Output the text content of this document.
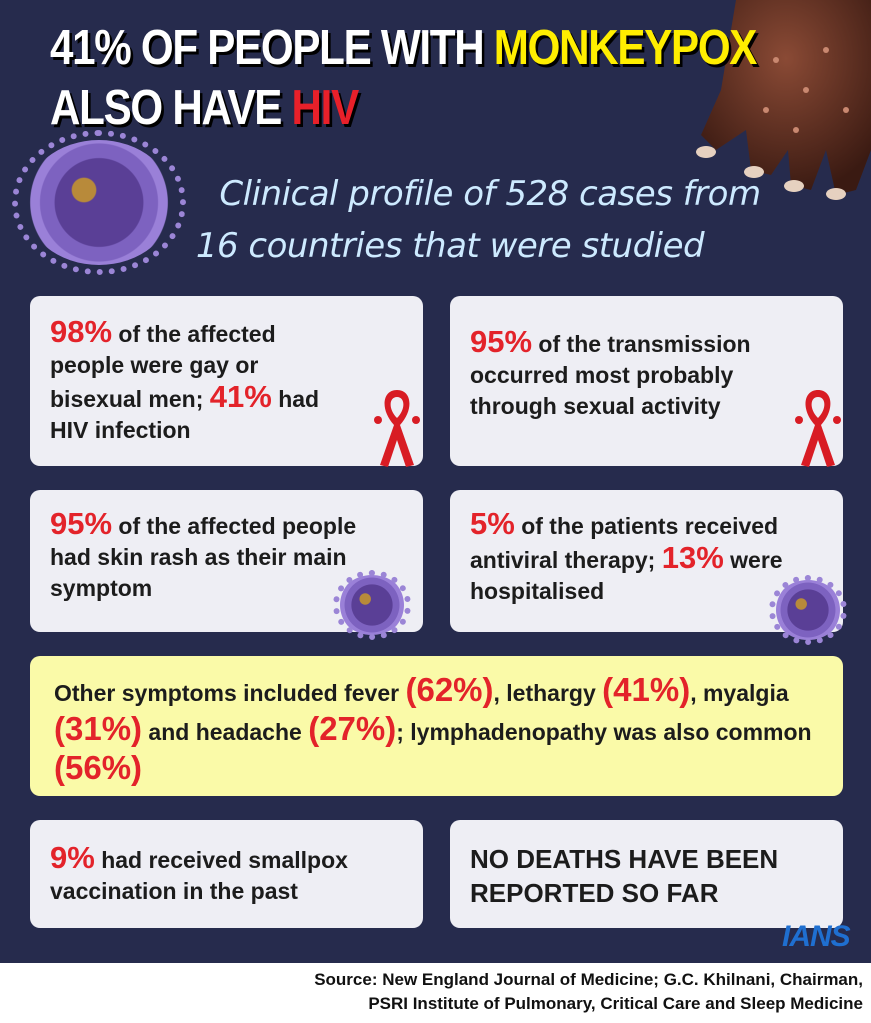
41% OF PEOPLE WITH MONKEYPOX
ALSO HAVE HIV
Clinical profile of 528 cases from
16 countries that were studied
98% of the affected people were gay or bisexual men; 41% had HIV infection
95% of the transmission occurred most probably through sexual activity
95% of the affected people had skin rash as their main symptom
5% of the patients received antiviral therapy; 13% were hospitalised
Other symptoms included fever (62%), lethargy (41%), myalgia (31%) and headache (27%); lymphadenopathy was also common (56%)
9% had received smallpox vaccination in the past
NO DEATHS HAVE BEEN REPORTED SO FAR
IANS
Source: New England Journal of Medicine; G.C. Khilnani, Chairman,
PSRI Institute of Pulmonary, Critical Care and Sleep Medicine
